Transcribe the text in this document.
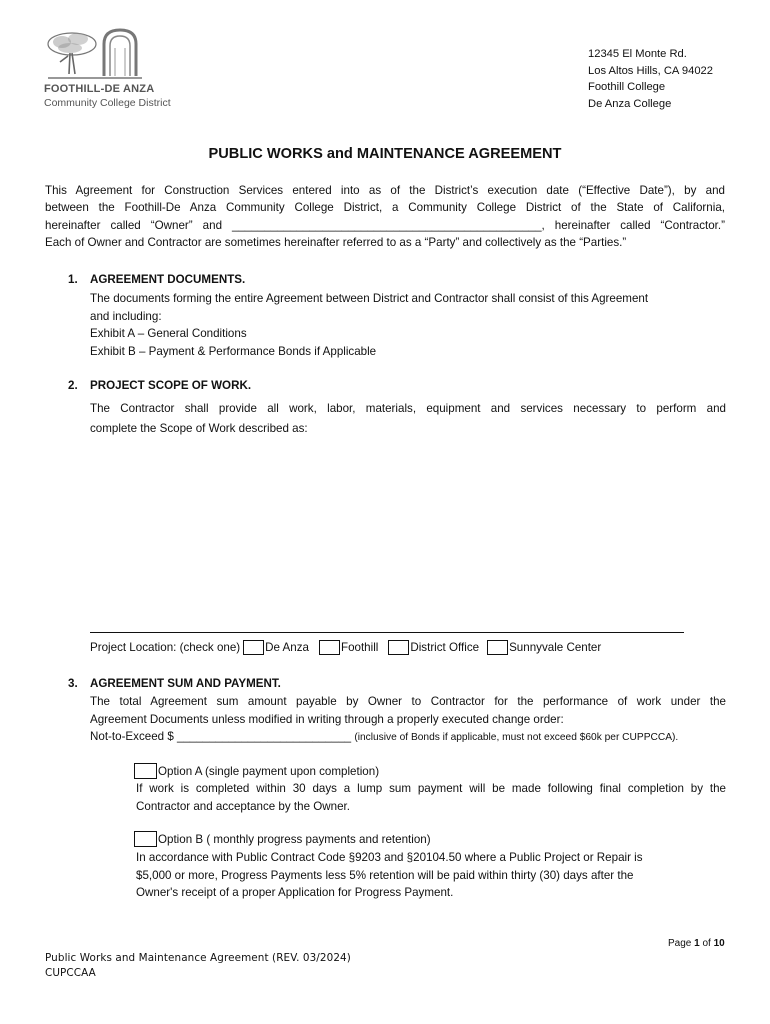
FOOTHILL-DE ANZA
Community College District
12345 El Monte Rd.
Los Altos Hills, CA 94022
Foothill College
De Anza College
PUBLIC WORKS and MAINTENANCE AGREEMENT
This Agreement for Construction Services entered into as of the District’s execution date (“Effective Date”), by and
between the Foothill-De Anza Community College District, a Community College District of the State of California,
hereinafter called “Owner” and ________________________________________________, hereinafter called “Contractor.”
Each of Owner and Contractor are sometimes hereinafter referred to as a “Party” and collectively as the “Parties.”
1. AGREEMENT DOCUMENTS.
The documents forming the entire Agreement between District and Contractor shall consist of this Agreement
and including:
Exhibit A – General Conditions
Exhibit B – Payment & Performance Bonds if Applicable
2. PROJECT SCOPE OF WORK.
The Contractor shall provide all work, labor, materials, equipment and services necessary to perform and
complete the Scope of Work described as:
Project Location: (check one) De Anza	Foothill	District Office	Sunnyvale Center
3. AGREEMENT SUM AND PAYMENT.
The total Agreement sum amount payable by Owner to Contractor for the performance of work under the
Agreement Documents unless modified in writing through a properly executed change order:
Not-to-Exceed $ ___________________________ (inclusive of Bonds if applicable, must not exceed $60k per CUPPCCA).
Option A (single payment upon completion)
If work is completed within 30 days a lump sum payment will be made following final completion by the
Contractor and acceptance by the Owner.
Option B ( monthly progress payments and retention)
In accordance with Public Contract Code §9203 and §20104.50 where a Public Project or Repair is
$5,000 or more, Progress Payments less 5% retention will be paid within thirty (30) days after the
Owner's receipt of a proper Application for Progress Payment.
Page 1 of 10
Public Works and Maintenance Agreement (REV. 03/2024)
CUPCCAA
